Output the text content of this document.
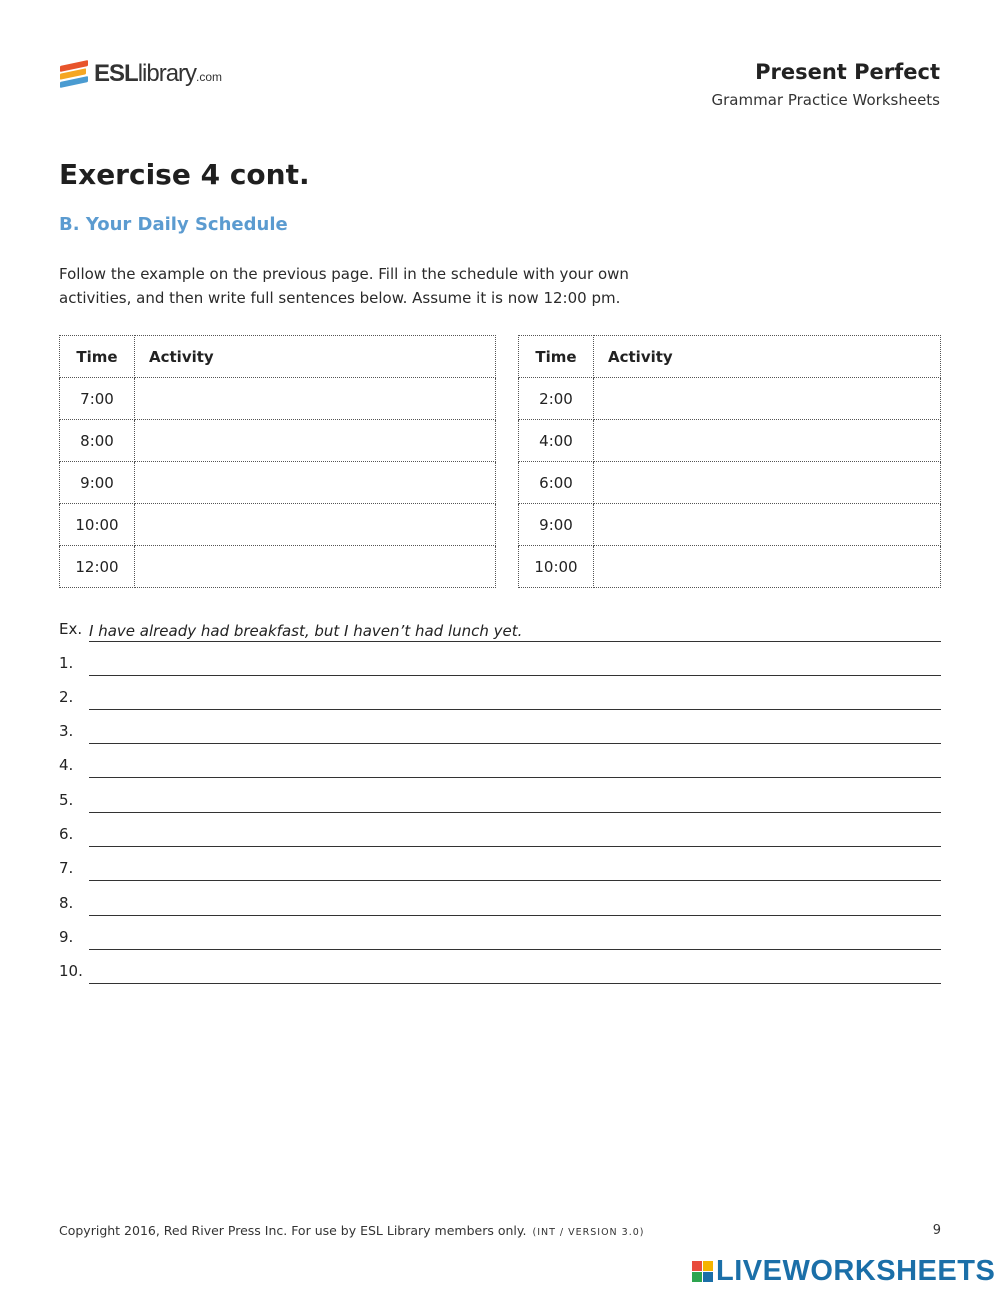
ESLlibrary.com	Present Perfect
Grammar Practice Worksheets
Exercise 4 cont.
B. Your Daily Schedule
Follow the example on the previous page. Fill in the schedule with your own activities, and then write full sentences below. Assume it is now 12:00 pm.
Time	Activity
7:00	
8:00	
9:00	
10:00	
12:00	
Time	Activity
2:00	
4:00	
6:00	
9:00	
10:00	
Ex. I have already had breakfast, but I haven’t had lunch yet.
1.
2.
3.
4.
5.
6.
7.
8.
9.
10.
Copyright 2016, Red River Press Inc. For use by ESL Library members only. (INT / VERSION 3.0)	9
LIVEWORKSHEETS
